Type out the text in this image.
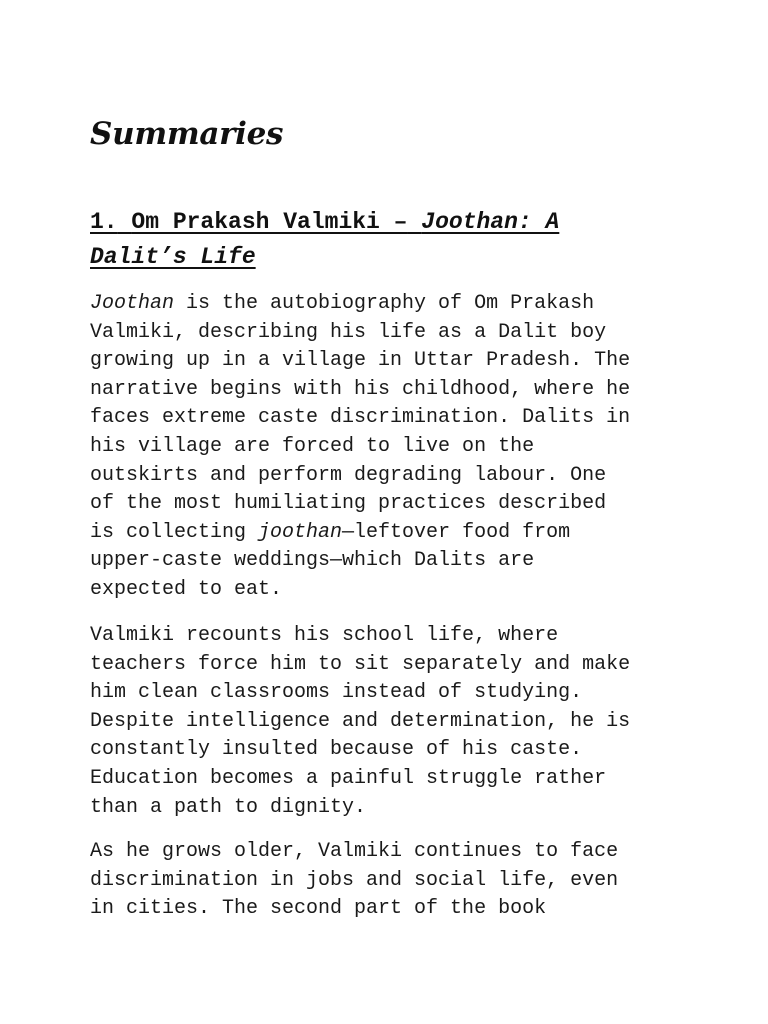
Summaries
1. Om Prakash Valmiki – Joothan: A
Dalit’s Life

Joothan is the autobiography of Om Prakash
Valmiki, describing his life as a Dalit boy
growing up in a village in Uttar Pradesh. The
narrative begins with his childhood, where he
faces extreme caste discrimination. Dalits in
his village are forced to live on the
outskirts and perform degrading labour. One
of the most humiliating practices described
is collecting joothan—leftover food from
upper-caste weddings—which Dalits are
expected to eat.

Valmiki recounts his school life, where
teachers force him to sit separately and make
him clean classrooms instead of studying.
Despite intelligence and determination, he is
constantly insulted because of his caste.
Education becomes a painful struggle rather
than a path to dignity.

As he grows older, Valmiki continues to face
discrimination in jobs and social life, even
in cities. The second part of the book
